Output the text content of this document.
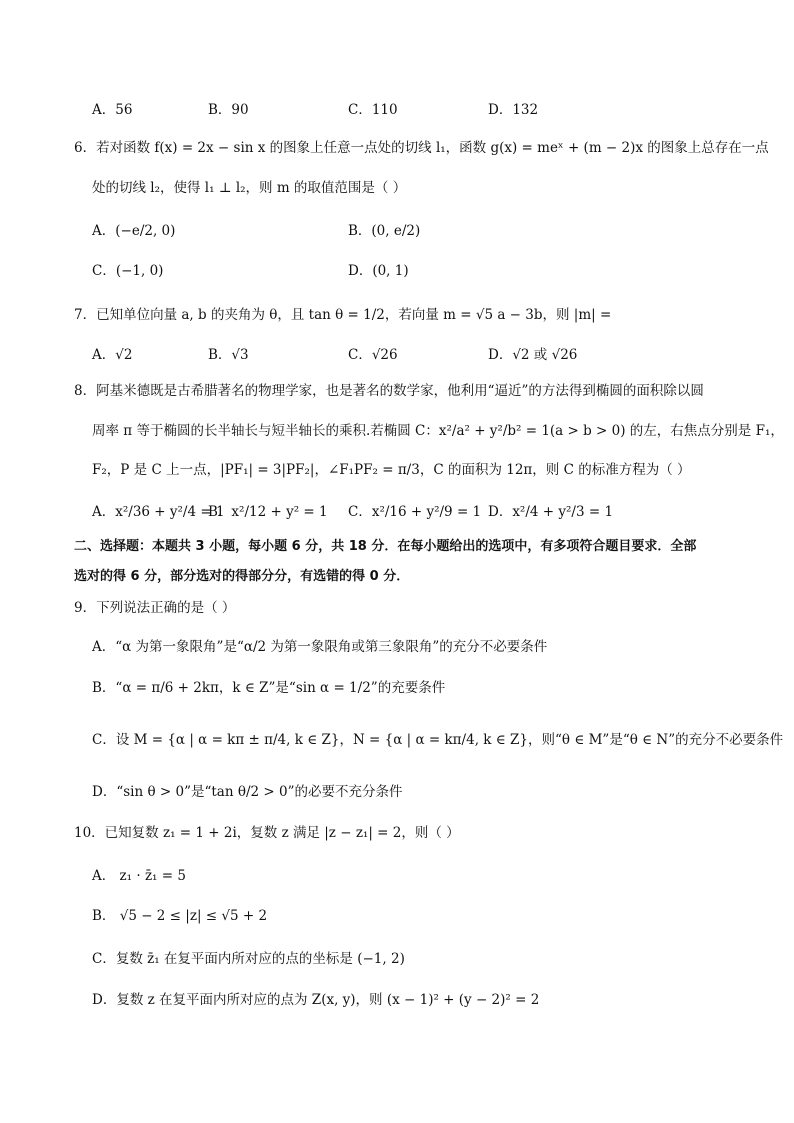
A．56	B．90	C．110	D．132
6．若对函数 f(x) = 2x − sin x 的图象上任意一点处的切线 l₁，函数 g(x) = meˣ + (m − 2)x 的图象上总存在一点
处的切线 l₂，使得 l₁ ⊥ l₂，则 m 的取值范围是（ ）
A．(−e/2, 0)	B．(0, e/2)
C．(−1, 0)	D．(0, 1)
7．已知单位向量 a, b 的夹角为 θ，且 tan θ = 1/2，若向量 m = √5 a − 3b，则 |m| =
A．√2	B．√3	C．√26	D．√2 或 √26
8．阿基米德既是古希腊著名的物理学家，也是著名的数学家，他利用“逼近”的方法得到椭圆的面积除以圆
周率 π 等于椭圆的长半轴长与短半轴长的乘积.若椭圆 C：x²/a² + y²/b² = 1(a > b > 0) 的左，右焦点分别是 F₁，
F₂，P 是 C 上一点，|PF₁| = 3|PF₂|，∠F₁PF₂ = π/3，C 的面积为 12π，则 C 的标准方程为（ ）
A．x²/36 + y²/4 = 1
B．x²/12 + y² = 1 C．x²/16 + y²/9 = 1 D．x²/4 + y²/3 = 1
二、选择题：本题共 3 小题，每小题 6 分，共 18 分．在每小题给出的选项中，有多项符合题目要求．全部
选对的得 6 分，部分选对的得部分分，有选错的得 0 分．
9．下列说法正确的是（ ）
A．“α 为第一象限角”是“α/2 为第一象限角或第三象限角”的充分不必要条件
B．“α = π/6 + 2kπ，k ∈ Z”是“sin α = 1/2”的充要条件
C．设 M = {α | α = kπ ± π/4, k ∈ Z}，N = {α | α = kπ/4, k ∈ Z}，则“θ ∈ M”是“θ ∈ N”的充分不必要条件
D．“sin θ > 0”是“tan θ/2 > 0”的必要不充分条件
10．已知复数 z₁ = 1 + 2i，复数 z 满足 |z − z₁| = 2，则（ ）
A． z₁ · z̄₁ = 5
B． √5 − 2 ≤ |z| ≤ √5 + 2
C．复数 z̄₁ 在复平面内所对应的点的坐标是 (−1, 2)
D．复数 z 在复平面内所对应的点为 Z(x, y)，则 (x − 1)² + (y − 2)² = 2
